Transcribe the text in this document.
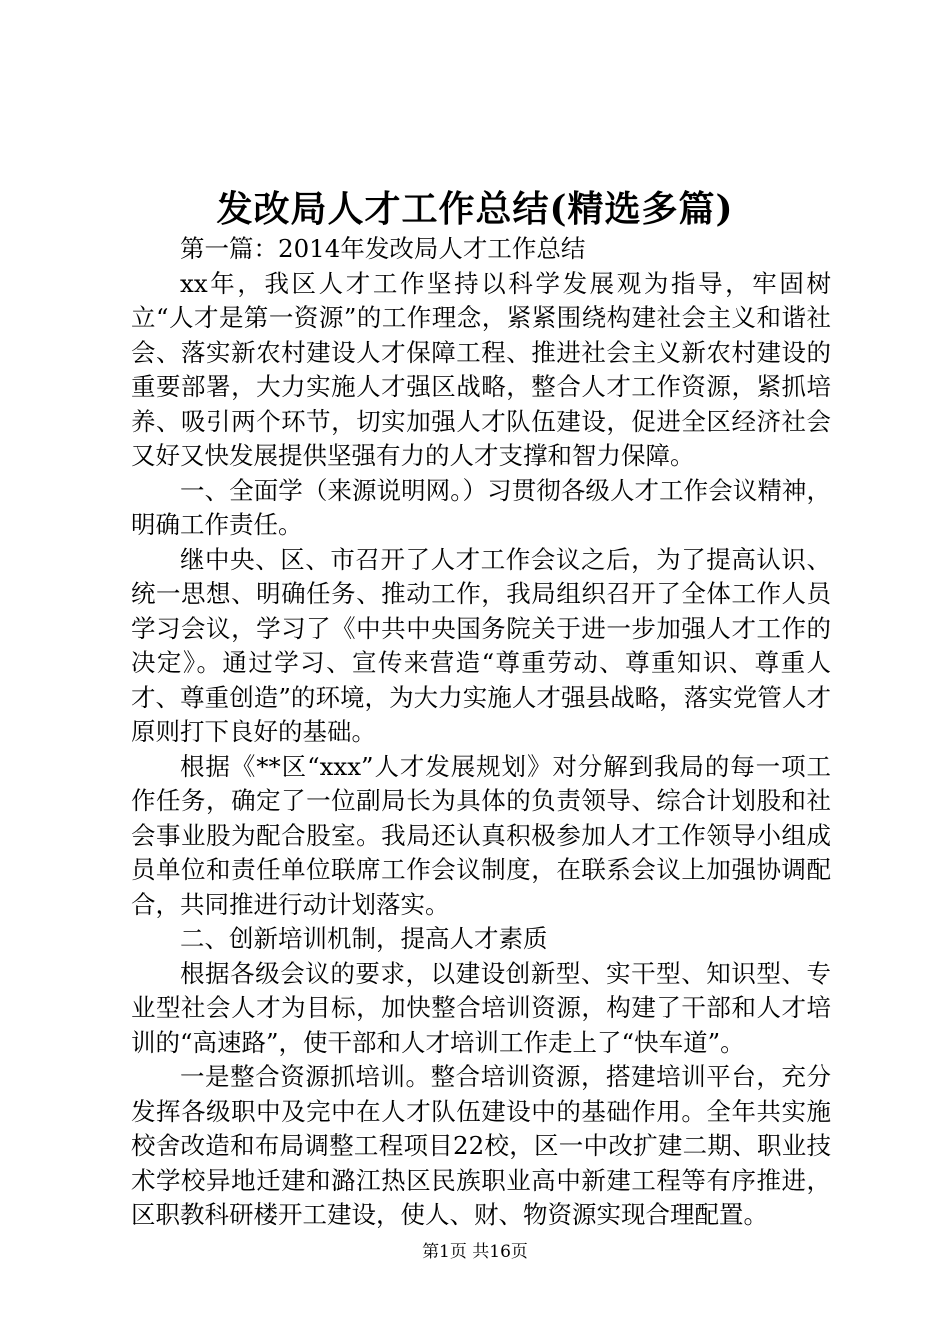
发改局人才工作总结(精选多篇)

第一篇：2014年发改局人才工作总结

xx年，我区人才工作坚持以科学发展观为指导，牢固树立“人才是第一资源”的工作理念，紧紧围绕构建社会主义和谐社会、落实新农村建设人才保障工程、推进社会主义新农村建设的重要部署，大力实施人才强区战略，整合人才工作资源，紧抓培养、吸引两个环节，切实加强人才队伍建设，促进全区经济社会又好又快发展提供坚强有力的人才支撑和智力保障。

一、全面学（来源说明网。）习贯彻各级人才工作会议精神，明确工作责任。

继中央、区、市召开了人才工作会议之后，为了提高认识、统一思想、明确任务、推动工作，我局组织召开了全体工作人员学习会议，学习了《中共中央国务院关于进一步加强人才工作的决定》。通过学习、宣传来营造“尊重劳动、尊重知识、尊重人才、尊重创造”的环境，为大力实施人才强县战略，落实党管人才原则打下良好的基础。

根据《**区“xxx”人才发展规划》对分解到我局的每一项工作任务，确定了一位副局长为具体的负责领导、综合计划股和社会事业股为配合股室。我局还认真积极参加人才工作领导小组成员单位和责任单位联席工作会议制度，在联系会议上加强协调配合，共同推进行动计划落实。

二、创新培训机制，提高人才素质

根据各级会议的要求，以建设创新型、实干型、知识型、专业型社会人才为目标，加快整合培训资源，构建了干部和人才培训的“高速路”，使干部和人才培训工作走上了“快车道”。

一是整合资源抓培训。整合培训资源，搭建培训平台，充分发挥各级职中及完中在人才队伍建设中的基础作用。全年共实施校舍改造和布局调整工程项目22校，区一中改扩建二期、职业技术学校异地迁建和潞江热区民族职业高中新建工程等有序推进，区职教科研楼开工建设，使人、财、物资源实现合理配置。

第1页 共16页
